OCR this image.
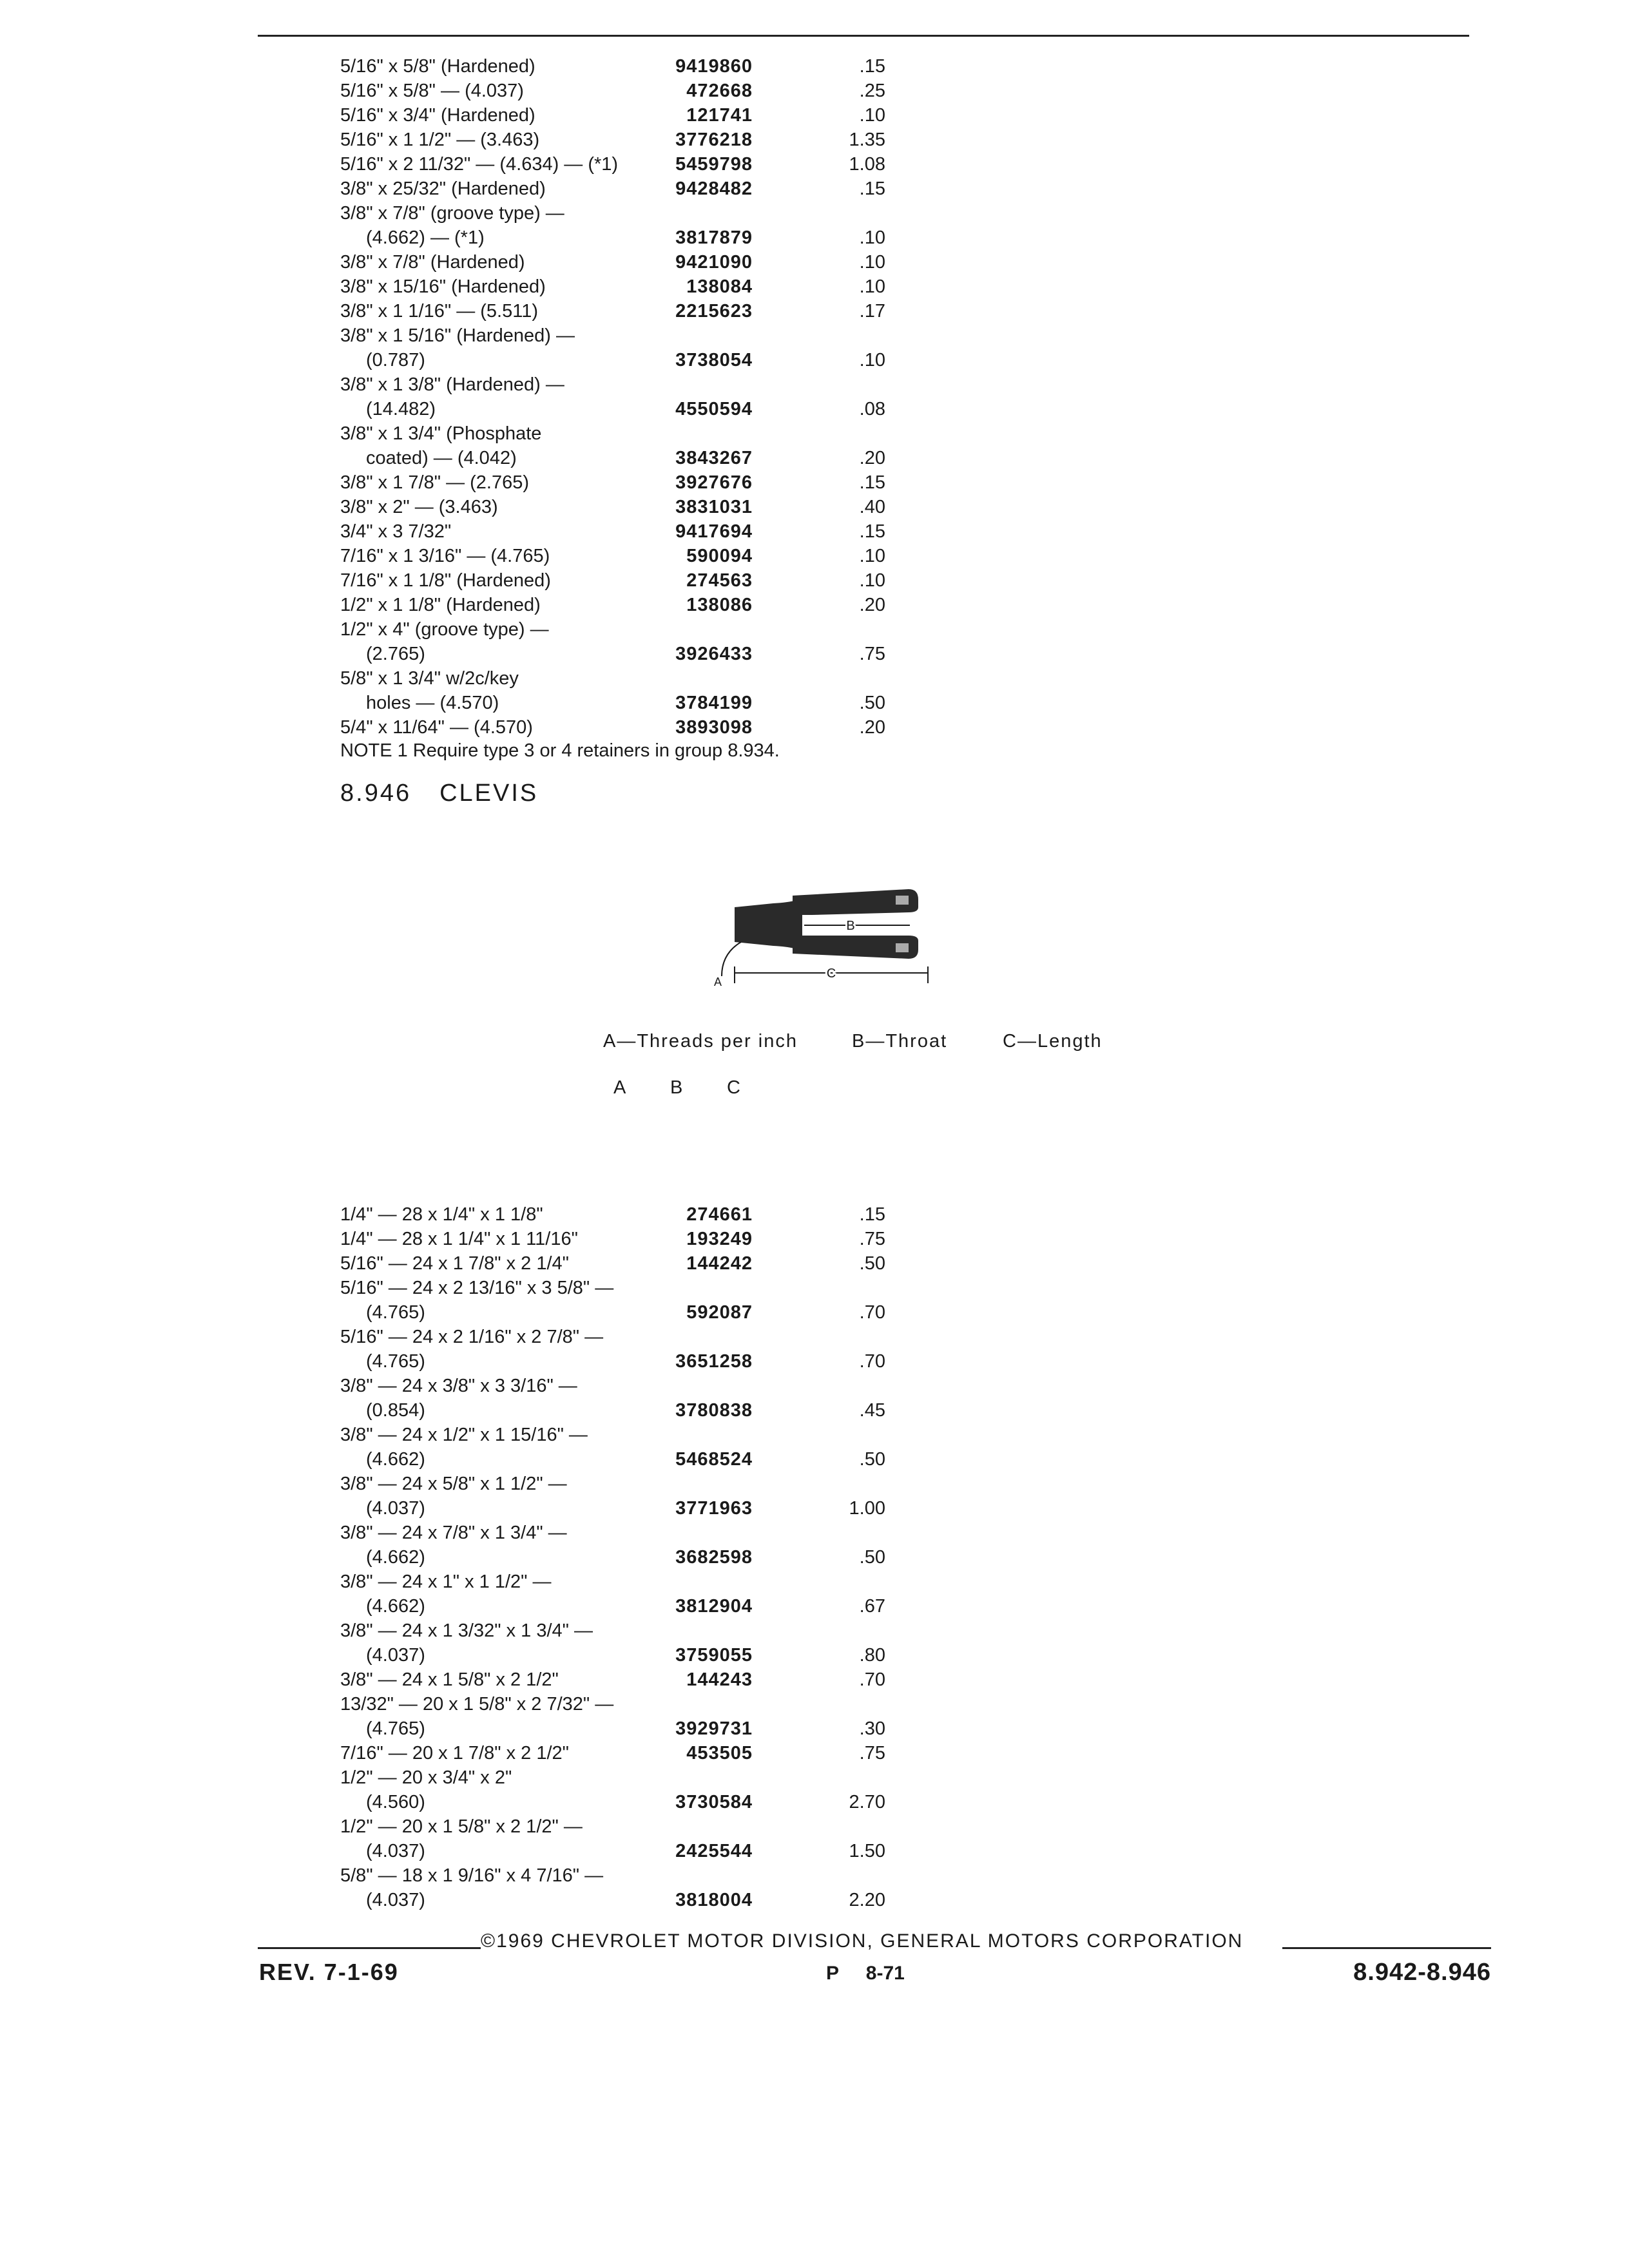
5/16" x 5/8" (Hardened)	9419860	.15
5/16" x 5/8" — (4.037)	472668	.25
5/16" x 3/4" (Hardened)	121741	.10
5/16" x 1 1/2" — (3.463)	3776218	1.35
5/16" x 2 11/32" — (4.634) — (*1)	5459798	1.08
3/8" x 25/32" (Hardened)	9428482	.15
3/8" x 7/8" (groove type) —
(4.662) — (*1)	3817879	.10
3/8" x 7/8" (Hardened)	9421090	.10
3/8" x 15/16" (Hardened)	138084	.10
3/8" x 1 1/16" — (5.511)	2215623	.17
3/8" x 1 5/16" (Hardened) —
(0.787)	3738054	.10
3/8" x 1 3/8" (Hardened) —
(14.482)	4550594	.08
3/8" x 1 3/4" (Phosphate
coated) — (4.042)	3843267	.20
3/8" x 1 7/8" — (2.765)	3927676	.15
3/8" x 2" — (3.463)	3831031	.40
3/4" x 3 7/32"	9417694	.15
7/16" x 1 3/16" — (4.765)	590094	.10
7/16" x 1 1/8" (Hardened)	274563	.10
1/2" x 1 1/8" (Hardened)	138086	.20
1/2" x 4" (groove type) —
(2.765)	3926433	.75
5/8" x 1 3/4" w/2c/key
holes — (4.570)	3784199	.50
5/4" x 11/64" — (4.570)	3893098	.20
NOTE 1 Require type 3 or 4 retainers in group 8.934.
8.946 CLEVIS
B
A
C
A—Threads per inch	B—Throat	C—Length
A B C
1/4" — 28 x 1/4" x 1 1/8"	274661	.15
1/4" — 28 x 1 1/4" x 1 11/16"	193249	.75
5/16" — 24 x 1 7/8" x 2 1/4"	144242	.50
5/16" — 24 x 2 13/16" x 3 5/8" —
(4.765)	592087	.70
5/16" — 24 x 2 1/16" x 2 7/8" —
(4.765)	3651258	.70
3/8" — 24 x 3/8" x 3 3/16" —
(0.854)	3780838	.45
3/8" — 24 x 1/2" x 1 15/16" —
(4.662)	5468524	.50
3/8" — 24 x 5/8" x 1 1/2" —
(4.037)	3771963	1.00
3/8" — 24 x 7/8" x 1 3/4" —
(4.662)	3682598	.50
3/8" — 24 x 1" x 1 1/2" —
(4.662)	3812904	.67
3/8" — 24 x 1 3/32" x 1 3/4" —
(4.037)	3759055	.80
3/8" — 24 x 1 5/8" x 2 1/2"	144243	.70
13/32" — 20 x 1 5/8" x 2 7/32" —
(4.765)	3929731	.30
7/16" — 20 x 1 7/8" x 2 1/2"	453505	.75
1/2" — 20 x 3/4" x 2"
(4.560)	3730584	2.70
1/2" — 20 x 1 5/8" x 2 1/2" —
(4.037)	2425544	1.50
5/8" — 18 x 1 9/16" x 4 7/16" —
(4.037)	3818004	2.20
©1969 CHEVROLET MOTOR DIVISION, GENERAL MOTORS CORPORATION
REV. 7-1-69	P 8-71	8.942-8.946
